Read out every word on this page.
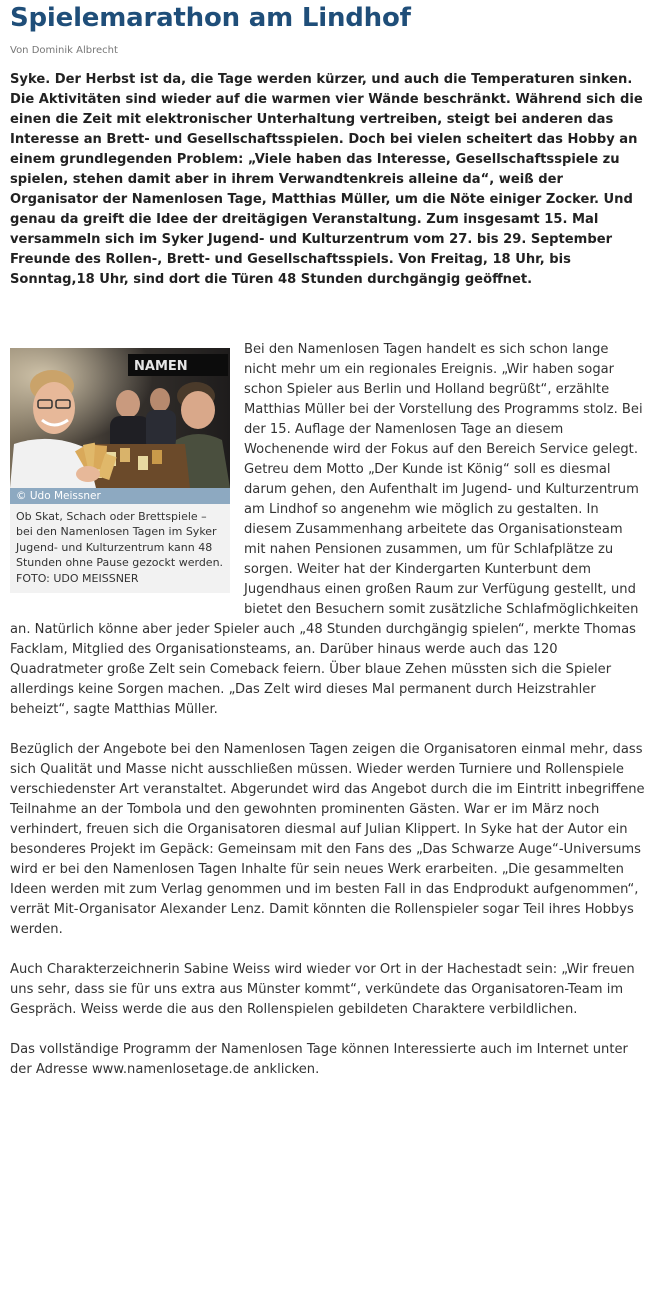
Spielemarathon am Lindhof
Von Dominik Albrecht

Syke. Der Herbst ist da, die Tage werden kürzer, und auch die Temperaturen sinken. Die Aktivitäten sind wieder auf die warmen vier Wände beschränkt. Während sich die einen die Zeit mit elektronischer Unterhaltung vertreiben, steigt bei anderen das Interesse an Brett- und Gesellschaftsspielen. Doch bei vielen scheitert das Hobby an einem grundlegenden Problem: „Viele haben das Interesse, Gesellschaftsspiele zu spielen, stehen damit aber in ihrem Verwandtenkreis alleine da“, weiß der Organisator der Namenlosen Tage, Matthias Müller, um die Nöte einiger Zocker. Und genau da greift die Idee der dreitägigen Veranstaltung. Zum insgesamt 15. Mal versammeln sich im Syker Jugend- und Kulturzentrum vom 27. bis 29. September Freunde des Rollen-, Brett- und Gesellschaftsspiels. Von Freitag, 18 Uhr, bis Sonntag,18 Uhr, sind dort die Türen 48 Stunden durchgängig geöffnet.

NAMEN
© Udo Meissner
Ob Skat, Schach oder Brettspiele – bei den Namenlosen Tagen im Syker Jugend- und Kulturzentrum kann 48 Stunden ohne Pause gezockt werden. FOTO: UDO MEISSNER

Bei den Namenlosen Tagen handelt es sich schon lange nicht mehr um ein regionales Ereignis. „Wir haben sogar schon Spieler aus Berlin und Holland begrüßt“, erzählte Matthias Müller bei der Vorstellung des Programms stolz. Bei der 15. Auflage der Namenlosen Tage an diesem Wochenende wird der Fokus auf den Bereich Service gelegt. Getreu dem Motto „Der Kunde ist König“ soll es diesmal darum gehen, den Aufenthalt im Jugend- und Kulturzentrum am Lindhof so angenehm wie möglich zu gestalten. In diesem Zusammenhang arbeitete das Organisationsteam mit nahen Pensionen zusammen, um für Schlafplätze zu sorgen. Weiter hat der Kindergarten Kunterbunt dem Jugendhaus einen großen Raum zur Verfügung gestellt, und bietet den Besuchern somit zusätzliche Schlafmöglichkeiten an. Natürlich könne aber jeder Spieler auch „48 Stunden durchgängig spielen“, merkte Thomas Facklam, Mitglied des Organisationsteams, an. Darüber hinaus werde auch das 120 Quadratmeter große Zelt sein Comeback feiern. Über blaue Zehen müssten sich die Spieler allerdings keine Sorgen machen. „Das Zelt wird dieses Mal permanent durch Heizstrahler beheizt“, sagte Matthias Müller.

Bezüglich der Angebote bei den Namenlosen Tagen zeigen die Organisatoren einmal mehr, dass sich Qualität und Masse nicht ausschließen müssen. Wieder werden Turniere und Rollenspiele verschiedenster Art veranstaltet. Abgerundet wird das Angebot durch die im Eintritt inbegriffene Teilnahme an der Tombola und den gewohnten prominenten Gästen. War er im März noch verhindert, freuen sich die Organisatoren diesmal auf Julian Klippert. In Syke hat der Autor ein besonderes Projekt im Gepäck: Gemeinsam mit den Fans des „Das Schwarze Auge“-Universums wird er bei den Namenlosen Tagen Inhalte für sein neues Werk erarbeiten. „Die gesammelten Ideen werden mit zum Verlag genommen und im besten Fall in das Endprodukt aufgenommen“, verrät Mit-Organisator Alexander Lenz. Damit könnten die Rollenspieler sogar Teil ihres Hobbys werden.

Auch Charakterzeichnerin Sabine Weiss wird wieder vor Ort in der Hachestadt sein: „Wir freuen uns sehr, dass sie für uns extra aus Münster kommt“, verkündete das Organisatoren-Team im Gespräch. Weiss werde die aus den Rollenspielen gebildeten Charaktere verbildlichen.

Das vollständige Programm der Namenlosen Tage können Interessierte auch im Internet unter der Adresse www.namenlosetage.de anklicken.
